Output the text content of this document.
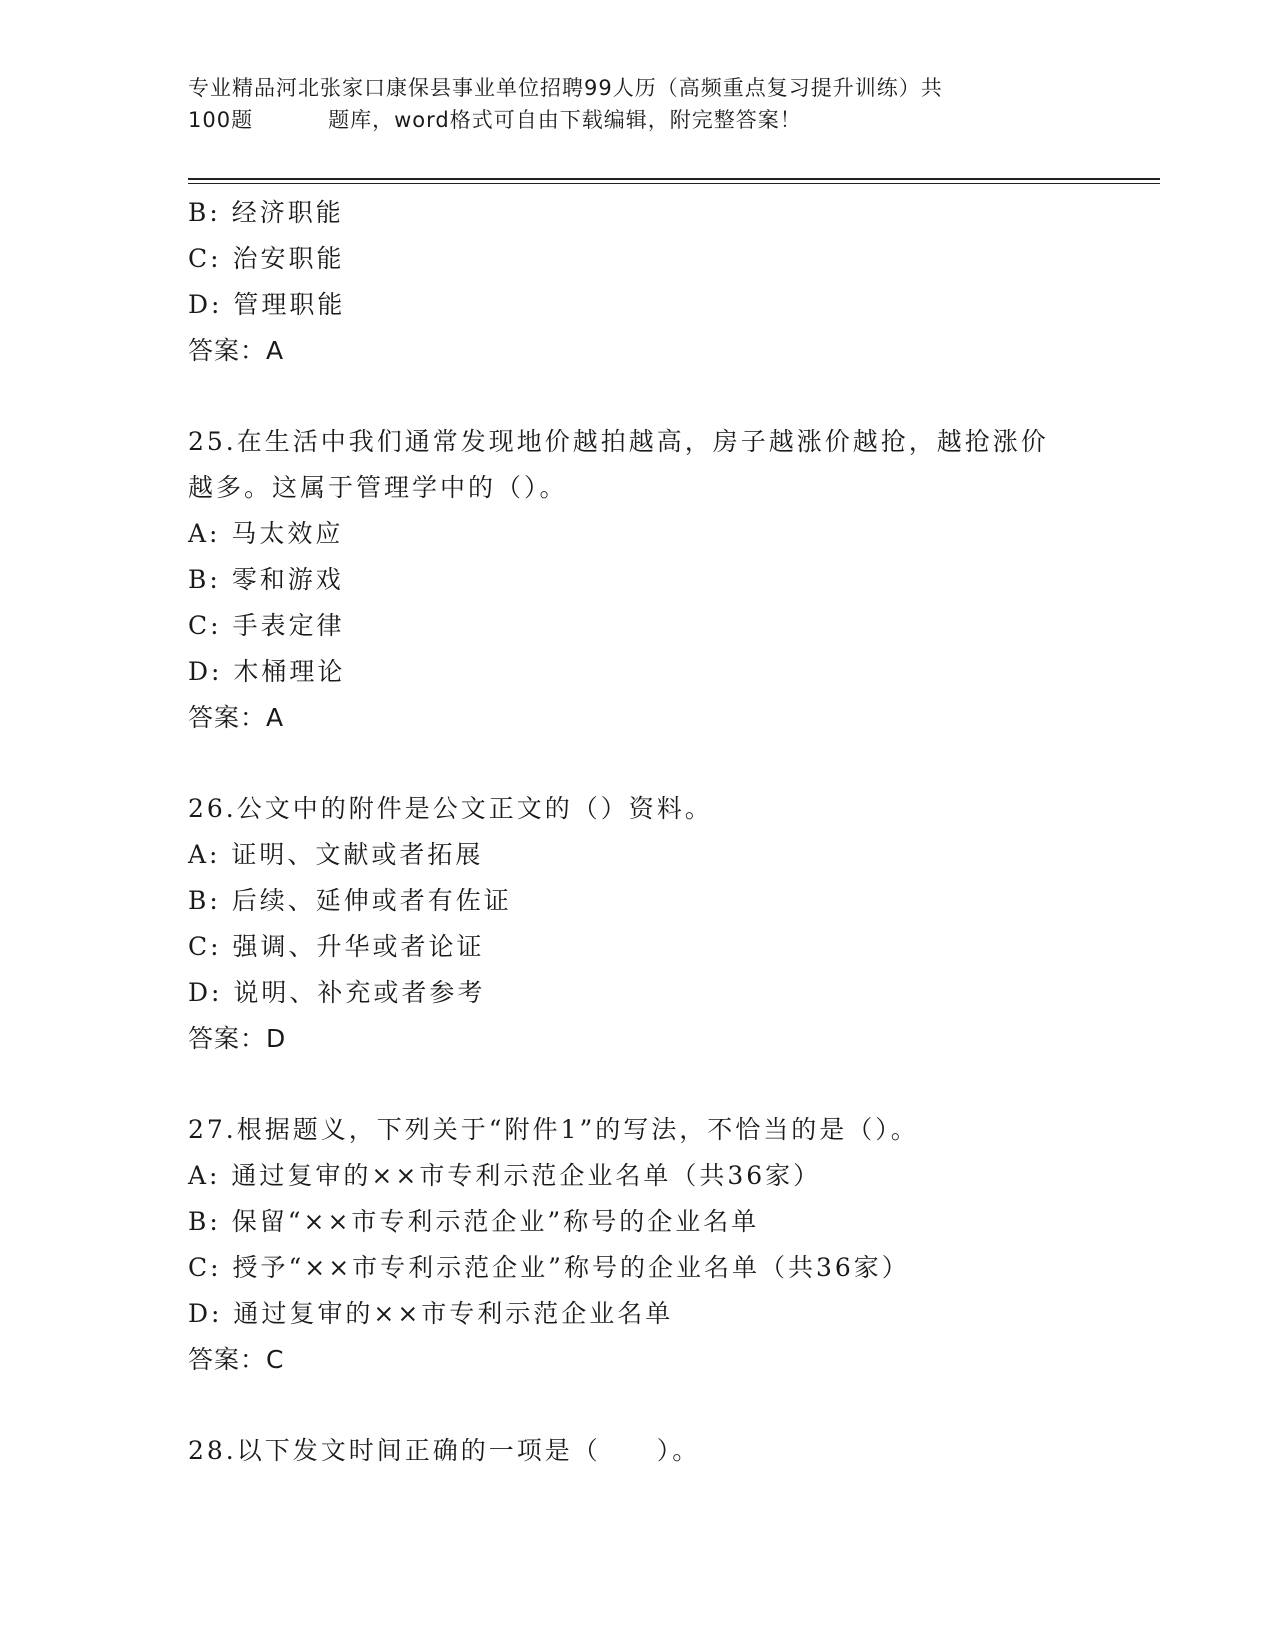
专业精品河北张家口康保县事业单位招聘99人历（高频重点复习提升训练）共
100题	题库，word格式可自由下载编辑，附完整答案！
B: 经济职能
C: 治安职能
D: 管理职能
答案：A
25.在生活中我们通常发现地价越拍越高，房子越涨价越抢，越抢涨价
越多。这属于管理学中的（）。
A: 马太效应
B: 零和游戏
C: 手表定律
D: 木桶理论
答案：A
26.公文中的附件是公文正文的（）资料。
A: 证明、文献或者拓展
B: 后续、延伸或者有佐证
C: 强调、升华或者论证
D: 说明、补充或者参考
答案：D
27.根据题义，下列关于“附件1”的写法，不恰当的是（）。
A: 通过复审的××市专利示范企业名单（共36家）
B: 保留“××市专利示范企业”称号的企业名单
C: 授予“××市专利示范企业”称号的企业名单（共36家）
D: 通过复审的××市专利示范企业名单
答案：C
28.以下发文时间正确的一项是（　　）。
